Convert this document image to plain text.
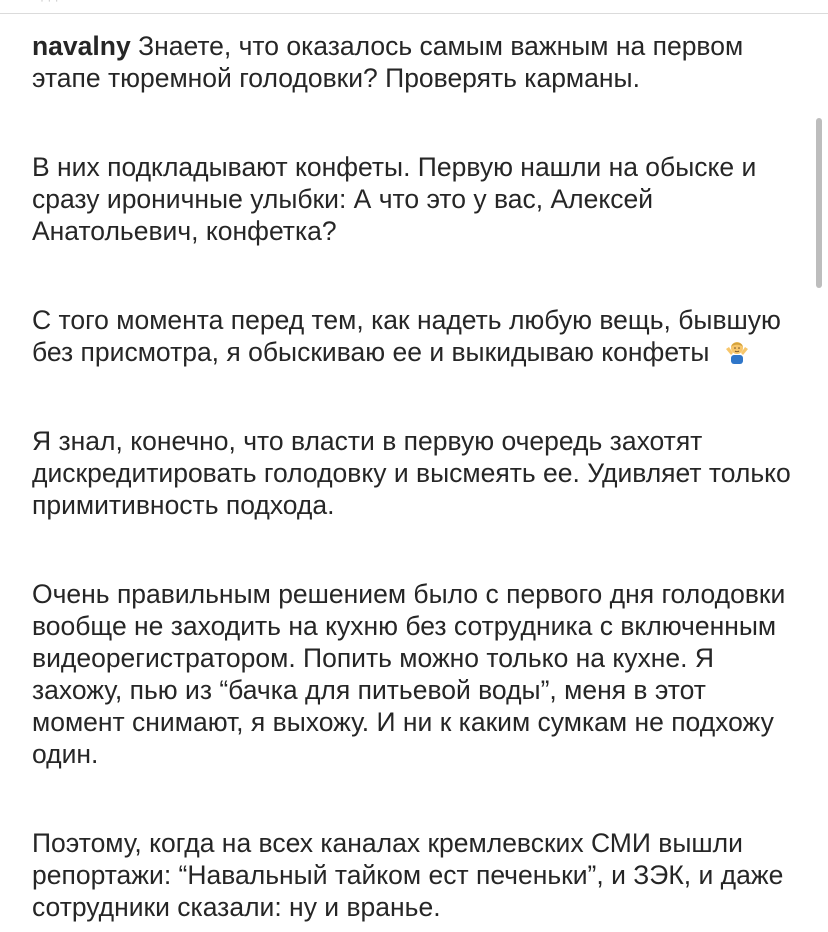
navalny Знаете, что оказалось самым важным на первом этапе тюремной голодовки? Проверять карманы.

В них подкладывают конфеты. Первую нашли на обыске и сразу ироничные улыбки: А что это у вас, Алексей Анатольевич, конфетка?

С того момента перед тем, как надеть любую вещь, бывшую без присмотра, я обыскиваю ее и выкидываю конфеты

Я знал, конечно, что власти в первую очередь захотят дискредитировать голодовку и высмеять ее. Удивляет только примитивность подхода.

Очень правильным решением было с первого дня голодовки вообще не заходить на кухню без сотрудника с включенным видеорегистратором. Попить можно только на кухне. Я захожу, пью из “бачка для питьевой воды”, меня в этот момент снимают, я выхожу. И ни к каким сумкам не подхожу один.

Поэтому, когда на всех каналах кремлевских СМИ вышли репортажи: “Навальный тайком ест печеньки”, и ЗЭК, и даже сотрудники сказали: ну и вранье.
